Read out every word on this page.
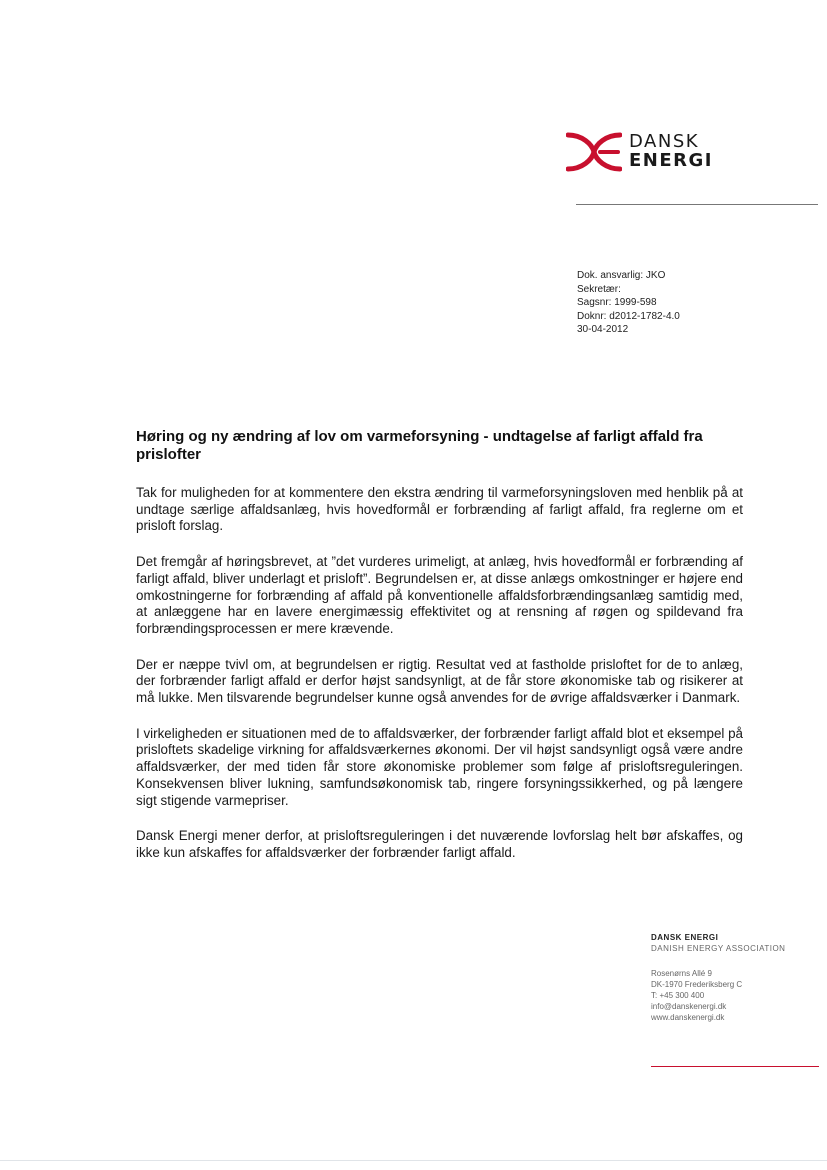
DANSK
ENERGI
Dok. ansvarlig: JKO
Sekretær:
Sagsnr: 1999-598
Doknr: d2012-1782-4.0
30-04-2012
Høring og ny ændring af lov om varmeforsyning - undtagelse af farligt affald fra prislofter

Tak for muligheden for at kommentere den ekstra ændring til varmeforsyningsloven med henblik på at undtage særlige affaldsanlæg, hvis hovedformål er forbrænding af farligt affald, fra reglerne om et prisloft forslag.

Det fremgår af høringsbrevet, at ”det vurderes urimeligt, at anlæg, hvis hovedformål er forbrænding af farligt affald, bliver underlagt et prisloft”. Begrundelsen er, at disse anlægs omkostninger er højere end omkostningerne for forbrænding af affald på konventionelle affaldsforbrændingsanlæg samtidig med, at anlæggene har en lavere energimæssig effektivitet og at rensning af røgen og spildevand fra forbrændingsprocessen er mere krævende.

Der er næppe tvivl om, at begrundelsen er rigtig. Resultat ved at fastholde prisloftet for de to anlæg, der forbrænder farligt affald er derfor højst sandsynligt, at de får store økonomiske tab og risikerer at må lukke. Men tilsvarende begrundelser kunne også anvendes for de øvrige affaldsværker i Danmark.

I virkeligheden er situationen med de to affaldsværker, der forbrænder farligt affald blot et eksempel på prisloftets skadelige virkning for affaldsværkernes økonomi. Der vil højst sandsynligt også være andre affaldsværker, der med tiden får store økonomiske problemer som følge af prisloftsreguleringen. Konsekvensen bliver lukning, samfundsøkonomisk tab, ringere forsyningssikkerhed, og på længere sigt stigende varmepriser.

Dansk Energi mener derfor, at prisloftsreguleringen i det nuværende lovforslag helt bør afskaffes, og ikke kun afskaffes for affaldsværker der forbrænder farligt affald.

DANSK ENERGI
DANISH ENERGY ASSOCIATION
Rosenørns Allé 9
DK-1970 Frederiksberg C
T: +45 300 400
info@danskenergi.dk
www.danskenergi.dk
